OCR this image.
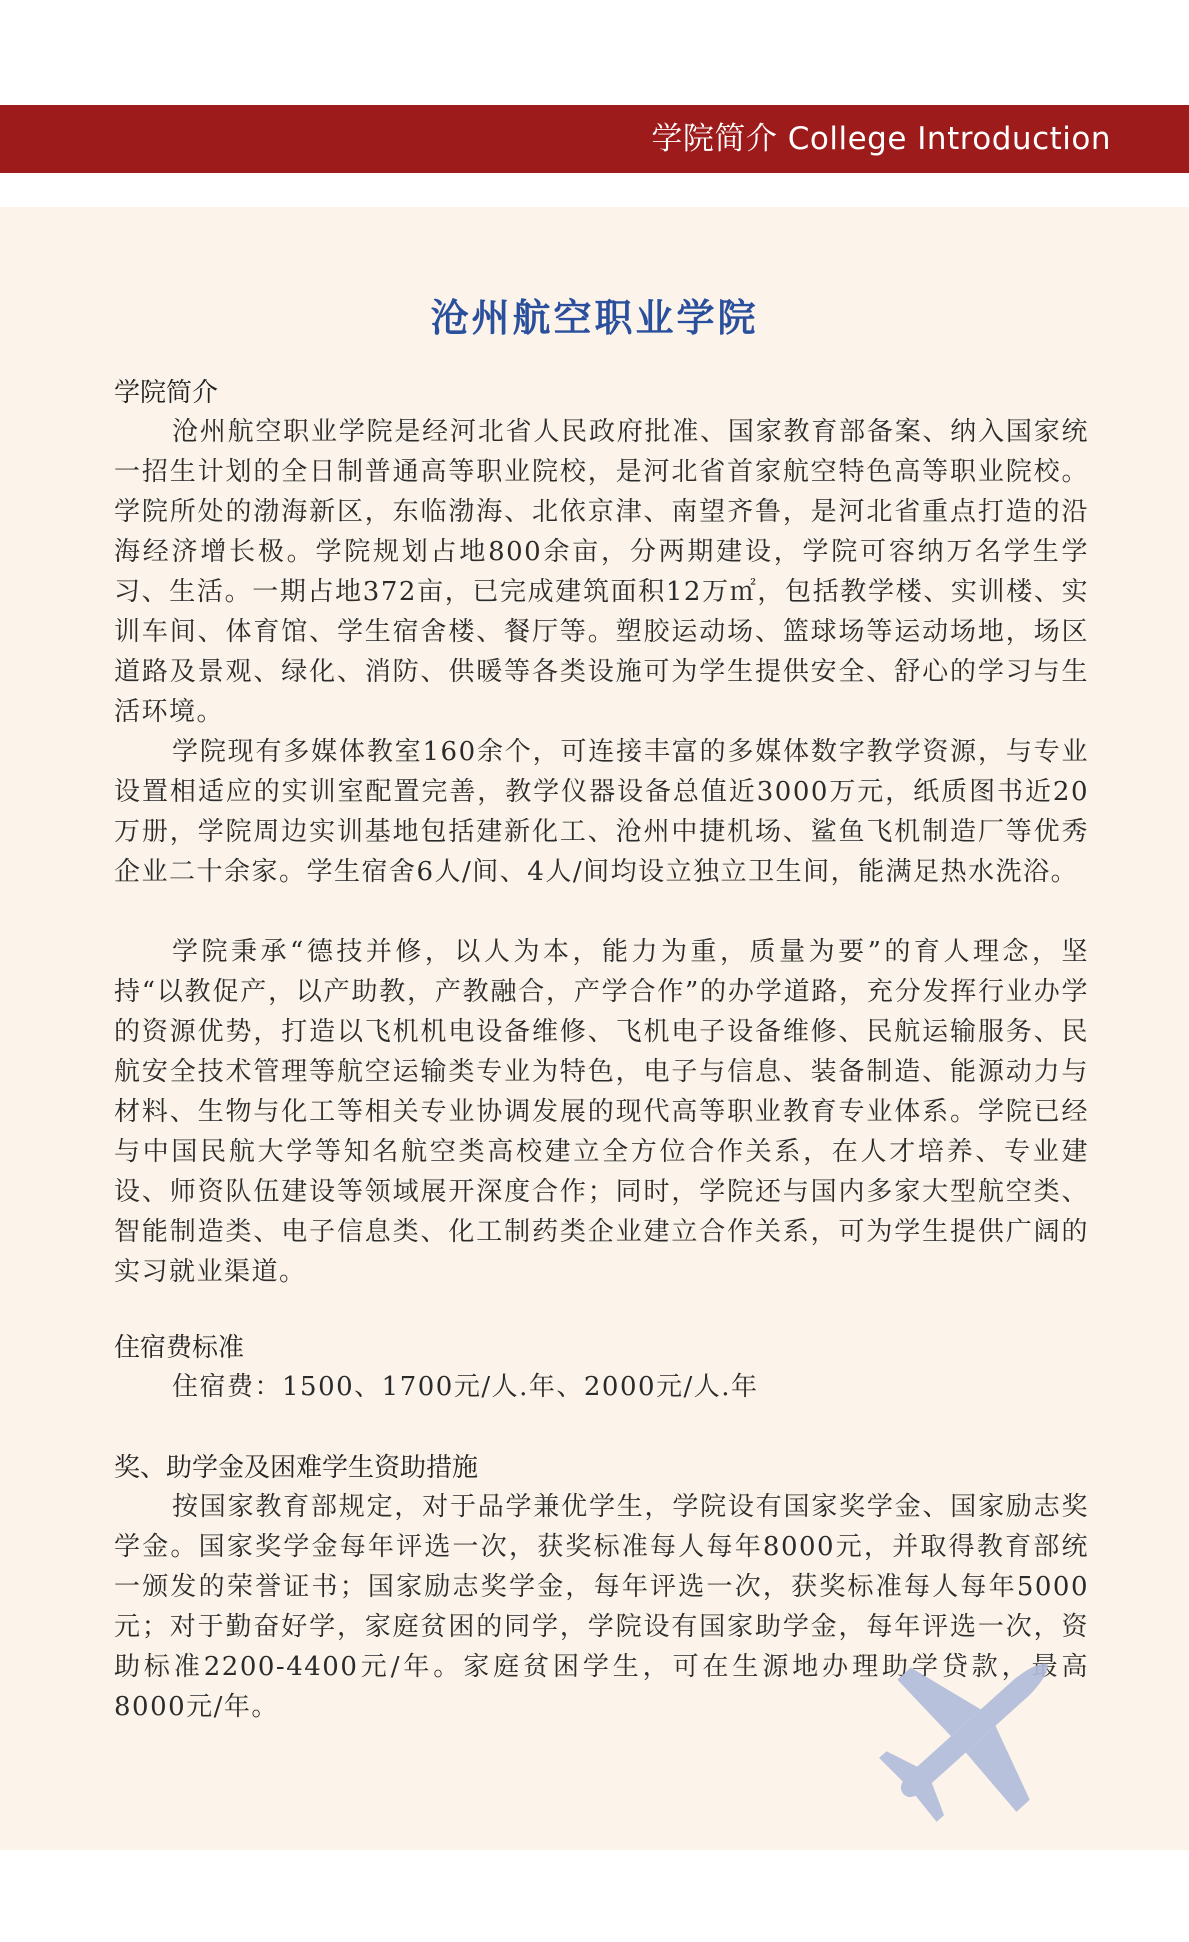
学院简介 College Introduction
沧州航空职业学院
学院简介

沧州航空职业学院是经河北省人民政府批准、国家教育部备案、纳入国家统一招生计划的全日制普通高等职业院校，是河北省首家航空特色高等职业院校。学院所处的渤海新区，东临渤海、北依京津、南望齐鲁，是河北省重点打造的沿海经济增长极。学院规划占地800余亩，分两期建设，学院可容纳万名学生学习、生活。一期占地372亩，已完成建筑面积12万㎡，包括教学楼、实训楼、实训车间、体育馆、学生宿舍楼、餐厅等。塑胶运动场、篮球场等运动场地，场区道路及景观、绿化、消防、供暖等各类设施可为学生提供安全、舒心的学习与生活环境。

学院现有多媒体教室160余个，可连接丰富的多媒体数字教学资源，与专业设置相适应的实训室配置完善，教学仪器设备总值近3000万元，纸质图书近20万册，学院周边实训基地包括建新化工、沧州中捷机场、鲨鱼飞机制造厂等优秀企业二十余家。学生宿舍6人/间、4人/间均设立独立卫生间，能满足热水洗浴。

学院秉承“德技并修，以人为本，能力为重，质量为要”的育人理念，坚持“以教促产，以产助教，产教融合，产学合作”的办学道路，充分发挥行业办学的资源优势，打造以飞机机电设备维修、飞机电子设备维修、民航运输服务、民航安全技术管理等航空运输类专业为特色，电子与信息、装备制造、能源动力与材料、生物与化工等相关专业协调发展的现代高等职业教育专业体系。学院已经与中国民航大学等知名航空类高校建立全方位合作关系，在人才培养、专业建设、师资队伍建设等领域展开深度合作；同时，学院还与国内多家大型航空类、智能制造类、电子信息类、化工制药类企业建立合作关系，可为学生提供广阔的实习就业渠道。

住宿费标准

住宿费：1500、1700元/人.年、2000元/人.年

奖、助学金及困难学生资助措施

按国家教育部规定，对于品学兼优学生，学院设有国家奖学金、国家励志奖学金。国家奖学金每年评选一次，获奖标准每人每年8000元，并取得教育部统一颁发的荣誉证书；国家励志奖学金，每年评选一次，获奖标准每人每年5000元；对于勤奋好学，家庭贫困的同学，学院设有国家助学金，每年评选一次，资助标准2200-4400元/年。家庭贫困学生，可在生源地办理助学贷款，最高8000元/年。
